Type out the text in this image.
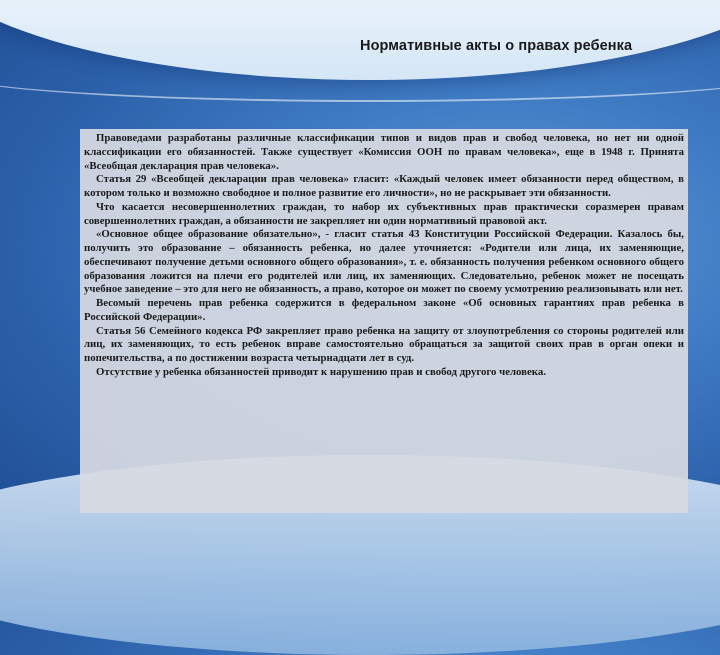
Нормативные акты о правах ребенка

Правоведами разработаны различные классификации типов и видов прав и свобод человека, но нет ни одной классификации его обязанностей. Также существует «Комиссия ООН по правам человека», еще в 1948 г. Принята «Всеобщая декларация прав человека».

Статья 29 «Всеобщей декларации прав человека» гласит: «Каждый человек имеет обязанности перед обществом, в котором только и возможно свободное и полное развитие его личности», но не раскрывает эти обязанности.

Что касается несовершеннолетних граждан, то набор их субъективных прав практически соразмерен правам совершеннолетних граждан, а обязанности не закрепляет ни один нормативный правовой акт.

«Основное общее образование обязательно», - гласит статья 43 Конституции Российской Федерации. Казалось бы, получить это образование – обязанность ребенка, но далее уточняется: «Родители или лица, их заменяющие, обеспечивают получение детьми основного общего образования», т. е. обязанность получения ребенком основного общего образования ложится на плечи его родителей или лиц, их заменяющих. Следовательно, ребенок может не посещать учебное заведение – это для него не обязанность, а право, которое он может по своему усмотрению реализовывать или нет.

Весомый перечень прав ребенка содержится в федеральном законе «Об основных гарантиях прав ребенка в Российской Федерации».

Статья 56 Семейного кодекса РФ закрепляет право ребенка на защиту от злоупотребления со стороны родителей или лиц, их заменяющих, то есть ребенок вправе самостоятельно обращаться за защитой своих прав в орган опеки и попечительства, а по достижении возраста четырнадцати лет в суд.

Отсутствие у ребенка обязанностей приводит к нарушению прав и свобод другого человека.
